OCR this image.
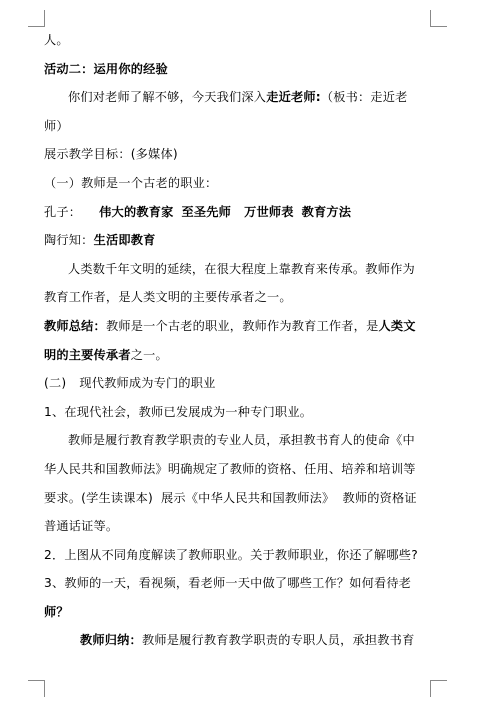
人。
活动二：运用你的经验
你们对老师了解不够，今天我们深入走近老师:（板书：走近老
师）
展示教学目标：(多媒体)
（一）教师是一个古老的职业：
孔子： 伟大的教育家 至圣先师 万世师表 教育方法
陶行知：生活即教育
人类数千年文明的延续，在很大程度上靠教育来传承。教师作为
教育工作者，是人类文明的主要传承者之一。
教师总结：教师是一个古老的职业，教师作为教育工作者，是人类文
明的主要传承者之一。
(二) 现代教师成为专门的职业
1、在现代社会，教师已发展成为一种专门职业。
教师是履行教育教学职责的专业人员，承担教书育人的使命《中
华人民共和国教师法》明确规定了教师的资格、任用、培养和培训等
要求。(学生读课本) 展示《中华人民共和国教师法》 教师的资格证
普通话证等。
2．上图从不同角度解读了教师职业。关于教师职业，你还了解哪些?
3、教师的一天，看视频，看老师一天中做了哪些工作？如何看待老
师？
教师归纳：教师是履行教育教学职责的专职人员，承担教书育
